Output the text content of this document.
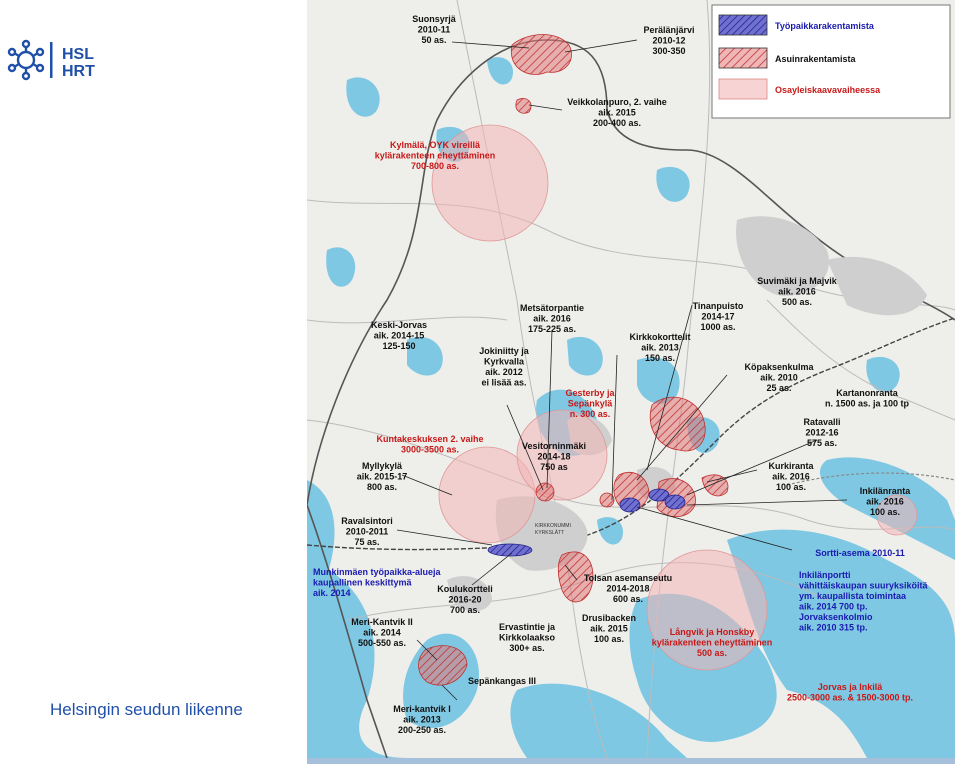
HSL
HRT
Helsingin seudun liikenne
KIRKKONUMMI
KYRKSLÄTT
Työpaikkarakentamista
Asuinrakentamista
Osayleiskaavavaiheessa
Suonsyrjä
2010-11
50 as.
Perälänjärvi
2010-12
300-350
Veikkolanpuro, 2. vaihe
aik. 2015
200-400 as.
Kylmälä, OYK vireillä
kylärakenteen eheyttäminen
700-800 as.
Suvimäki ja Majvik
aik. 2016
500 as.
Metsätorpantie
aik. 2016
175-225 as.
Tinanpuisto
2014-17
1000 as.
Keski-Jorvas
aik. 2014-15
125-150
Kirkkokorttelit
aik. 2013
150 as.
Jokiniitty ja
Kyrkvalla
aik. 2012
ei lisää as.
Köpaksenkulma
aik. 2010
25 as.	Kartanonranta
n. 1500 as. ja 100 tp
Gesterby ja
Sepänkylä
n. 300 as.
Ratavalli
2012-16
575 as.
Kuntakeskuksen 2. vaihe
3000-3500 as.	Vesitorninmäki
2014-18
750 as
Myllykylä
aik. 2015-17
800 as.
Kurkiranta
aik. 2016
100 as.	Inkilänranta
aik. 2016
100 as.
Ravalsintori
2010-2011
75 as.
Sortti-asema 2010-11
Munkinmäen työpaikka-alueja
kaupallinen keskittymä
aik. 2014
Inkilänportti
vähittäiskaupan suuryksiköitä
ym. kaupallista toimintaa
aik. 2014 700 tp.
Jorvaksenkolmio
aik. 2010 315 tp.
Tolsan asemanseutu
2014-2018
600 as.
Koulukortteli
2016-20
700 as.
Meri-Kantvik II
aik. 2014
500-550 as.
Ervastintie ja
Kirkkolaakso
300+ as.
Drusibacken
aik. 2015
100 as.
Långvik ja Honskby
kylärakenteen eheyttäminen
500 as.
Sepänkangas III
Jorvas ja Inkilä
2500-3000 as. & 1500-3000 tp.
Meri-kantvik I
aik. 2013
200-250 as.
